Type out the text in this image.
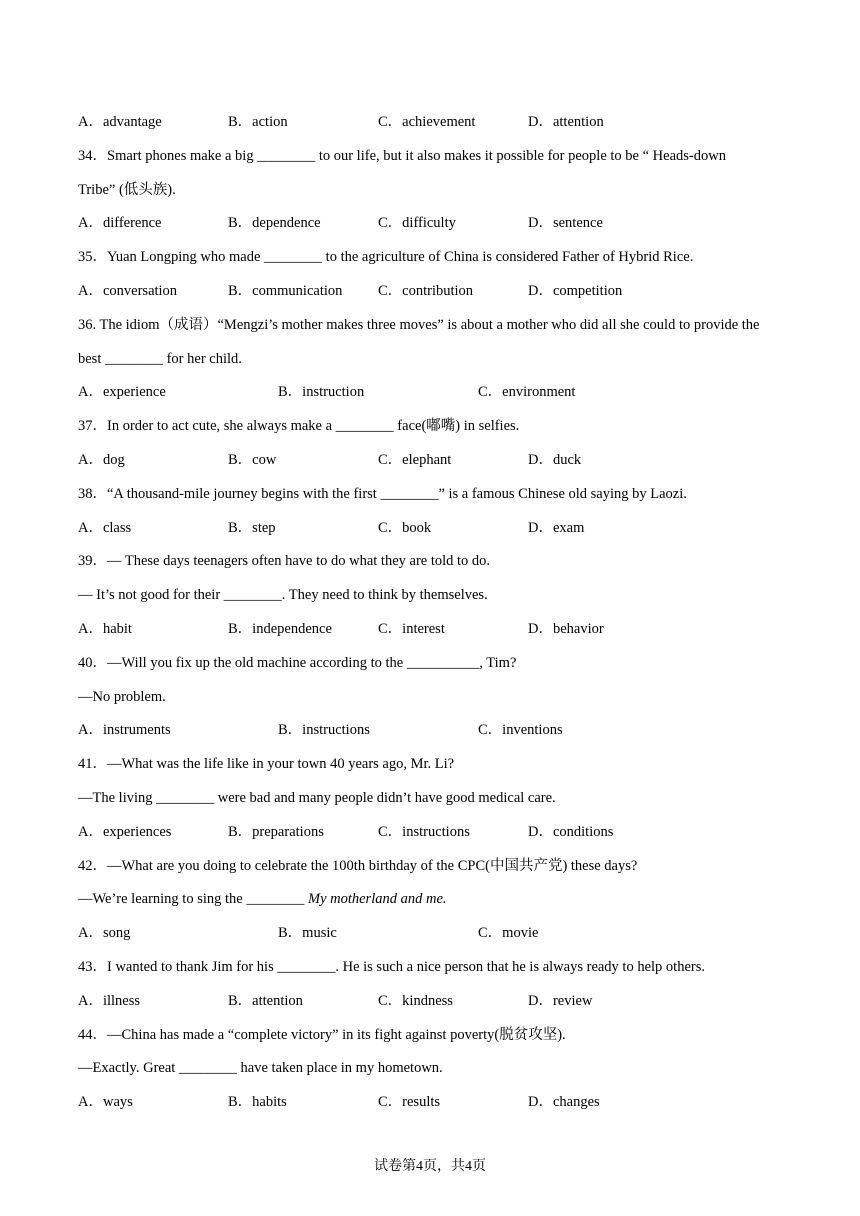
A．advantage	B．action	C．achievement	D．attention
34．Smart phones make a big ________ to our life, but it also makes it possible for people to be “ Heads-down
Tribe” (低头族).
A．difference	B．dependence	C．difficulty	D．sentence
35．Yuan Longping who made ________ to the agriculture of China is considered Father of Hybrid Rice.
A．conversation	B．communication C．contribution	D．competition
36. The idiom（成语）“Mengzi’s mother makes three moves” is about a mother who did all she could to provide the
best ________ for her child.
A．experience	B．instruction	C．environment
37．In order to act cute, she always make a ________ face(嘟嘴) in selfies.
A．dog	B．cow	C．elephant	D．duck
38．“A thousand-mile journey begins with the first ________” is a famous Chinese old saying by Laozi.
A．class	B．step	C．book	D．exam
39．— These days teenagers often have to do what they are told to do.
— It’s not good for their ________. They need to think by themselves.
A．habit	B．independence	C．interest	D．behavior
40．—Will you fix up the old machine according to the __________, Tim?
—No problem.
A．instruments	B．instructions	C．inventions
41．—What was the life like in your town 40 years ago, Mr. Li?
—The living ________ were bad and many people didn’t have good medical care.
A．experiences	B．preparations	C．instructions	D．conditions
42．—What are you doing to celebrate the 100th birthday of the CPC(中国共产党) these days?
—We’re learning to sing the ________ My motherland and me.
A．song	B．music	C．movie
43．I wanted to thank Jim for his ________. He is such a nice person that he is always ready to help others.
A．illness	B．attention	C．kindness	D．review
44．—China has made a “complete victory” in its fight against poverty(脱贫攻坚).
—Exactly. Great ________ have taken place in my hometown.
A．ways	B．habits	C．results	D．changes
试卷第4页，共4页
